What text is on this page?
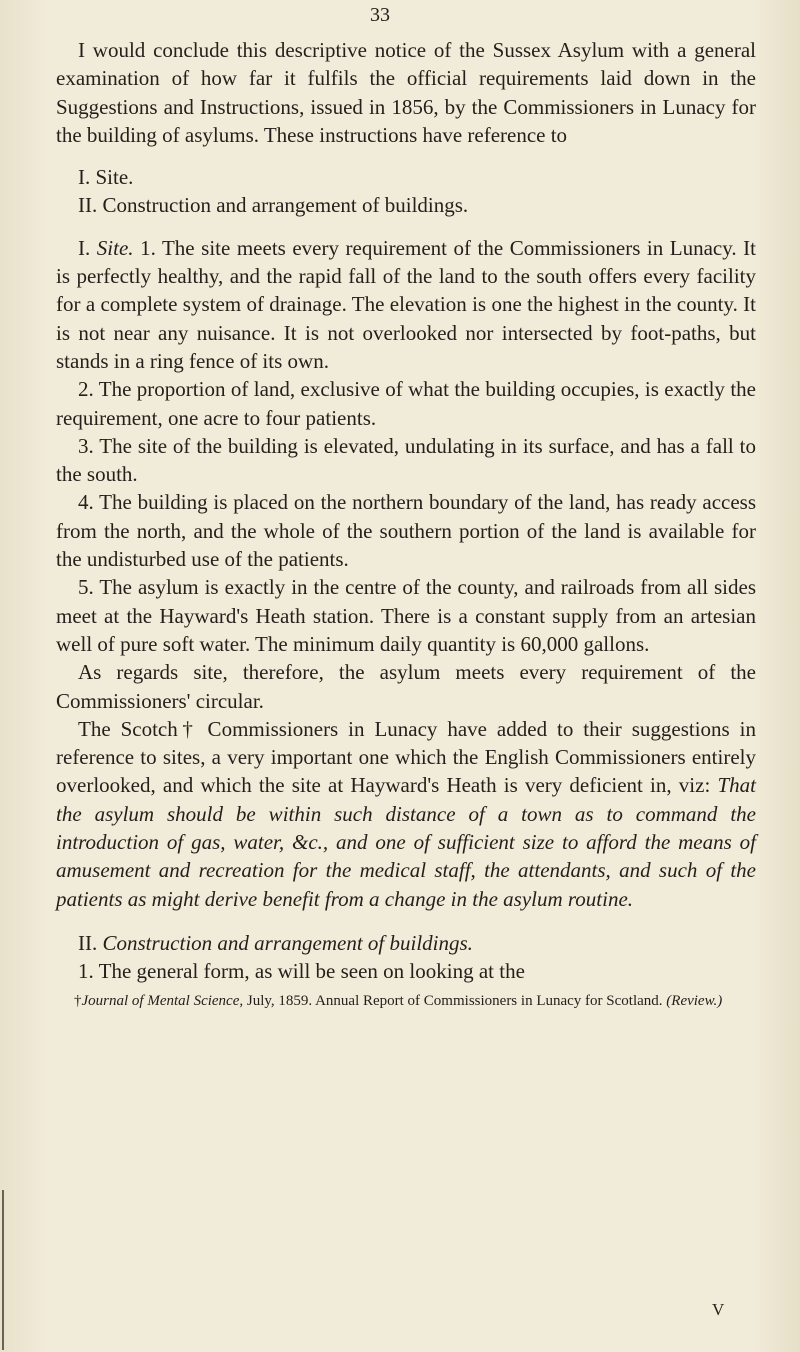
33

I would conclude this descriptive notice of the Sussex Asylum with a general examination of how far it fulfils the official requirements laid down in the Suggestions and Instructions, issued in 1856, by the Commissioners in Lunacy for the building of asylums. These instructions have reference to

I. Site.

II. Construction and arrangement of buildings.

I. Site. 1. The site meets every requirement of the Commissioners in Lunacy. It is perfectly healthy, and the rapid fall of the land to the south offers every facility for a complete system of drainage. The elevation is one the highest in the county. It is not near any nuisance. It is not overlooked nor intersected by foot-paths, but stands in a ring fence of its own.

2. The proportion of land, exclusive of what the building occupies, is exactly the requirement, one acre to four patients.

3. The site of the building is elevated, undulating in its surface, and has a fall to the south.

4. The building is placed on the northern boundary of the land, has ready access from the north, and the whole of the southern portion of the land is available for the undisturbed use of the patients.

5. The asylum is exactly in the centre of the county, and railroads from all sides meet at the Hayward's Heath station. There is a constant supply from an artesian well of pure soft water. The minimum daily quantity is 60,000 gallons.

As regards site, therefore, the asylum meets every requirement of the Commissioners' circular.

The Scotch† Commissioners in Lunacy have added to their suggestions in reference to sites, a very important one which the English Commissioners entirely overlooked, and which the site at Hayward's Heath is very deficient in, viz: That the asylum should be within such distance of a town as to command the introduction of gas, water, &c., and one of sufficient size to afford the means of amusement and recreation for the medical staff, the attendants, and such of the patients as might derive benefit from a change in the asylum routine.

II. Construction and arrangement of buildings.

1. The general form, as will be seen on looking at the

†Journal of Mental Science, July, 1859. Annual Report of Commissioners in Lunacy for Scotland. (Review.)

V
